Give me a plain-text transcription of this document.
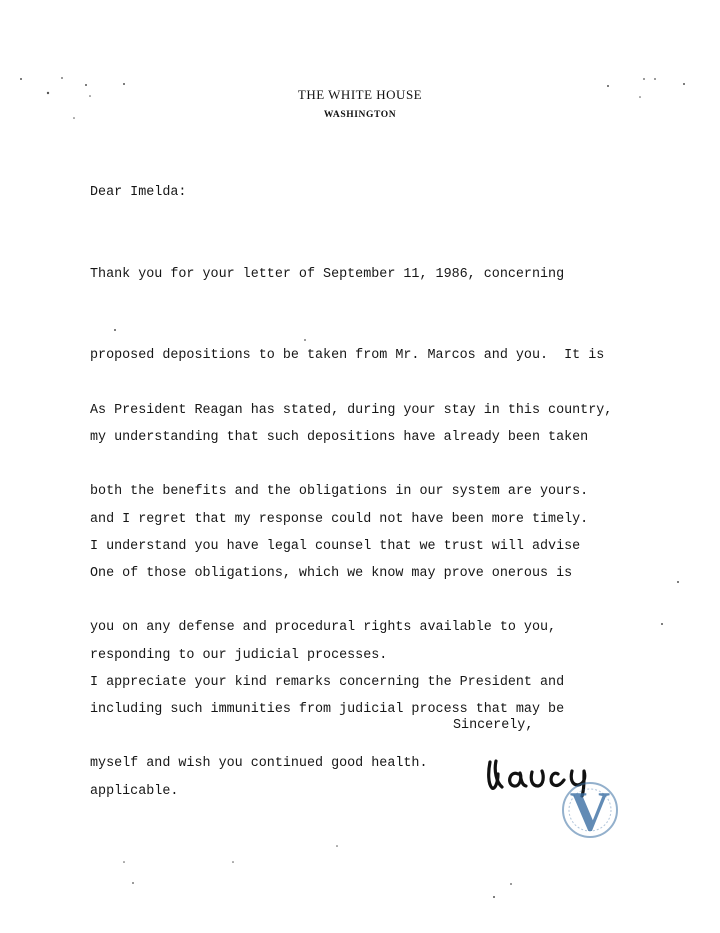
THE WHITE HOUSE
WASHINGTON
Dear Imelda:

Thank you for your letter of September 11, 1986, concerning

proposed depositions to be taken from Mr. Marcos and you.  It is

my understanding that such depositions have already been taken

and I regret that my response could not have been more timely.

As President Reagan has stated, during your stay in this country,

both the benefits and the obligations in our system are yours.

One of those obligations, which we know may prove onerous is

responding to our judicial processes.

I understand you have legal counsel that we trust will advise

you on any defense and procedural rights available to you,

including such immunities from judicial process that may be

applicable.

I appreciate your kind remarks concerning the President and

myself and wish you continued good health.

Sincerely,
V
